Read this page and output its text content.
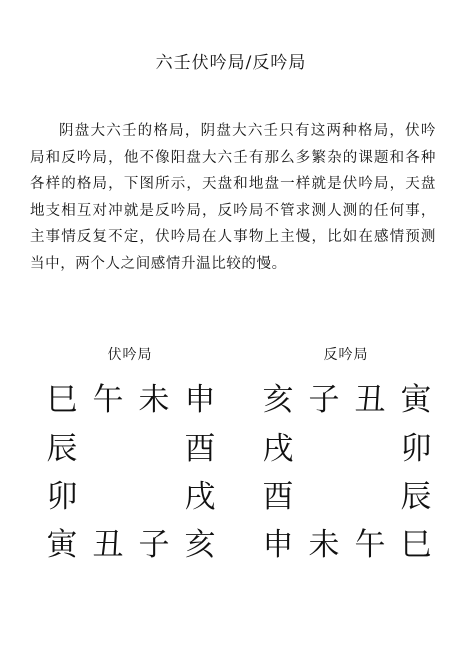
六壬伏吟局/反吟局

阴盘大六壬的格局，阴盘大六壬只有这两种格局，伏吟局和反吟局，他不像阳盘大六壬有那么多繁杂的课题和各种各样的格局，下图所示，天盘和地盘一样就是伏吟局，天盘地支相互对冲就是反吟局，反吟局不管求测人测的任何事，主事情反复不定，伏吟局在人事物上主慢，比如在感情预测当中，两个人之间感情升温比较的慢。

伏吟局
巳 午 未 申
辰
卯
酉
戌
寅 丑 子 亥
反吟局
亥 子 丑 寅
戌
酉
卯
辰
申 未 午 巳
